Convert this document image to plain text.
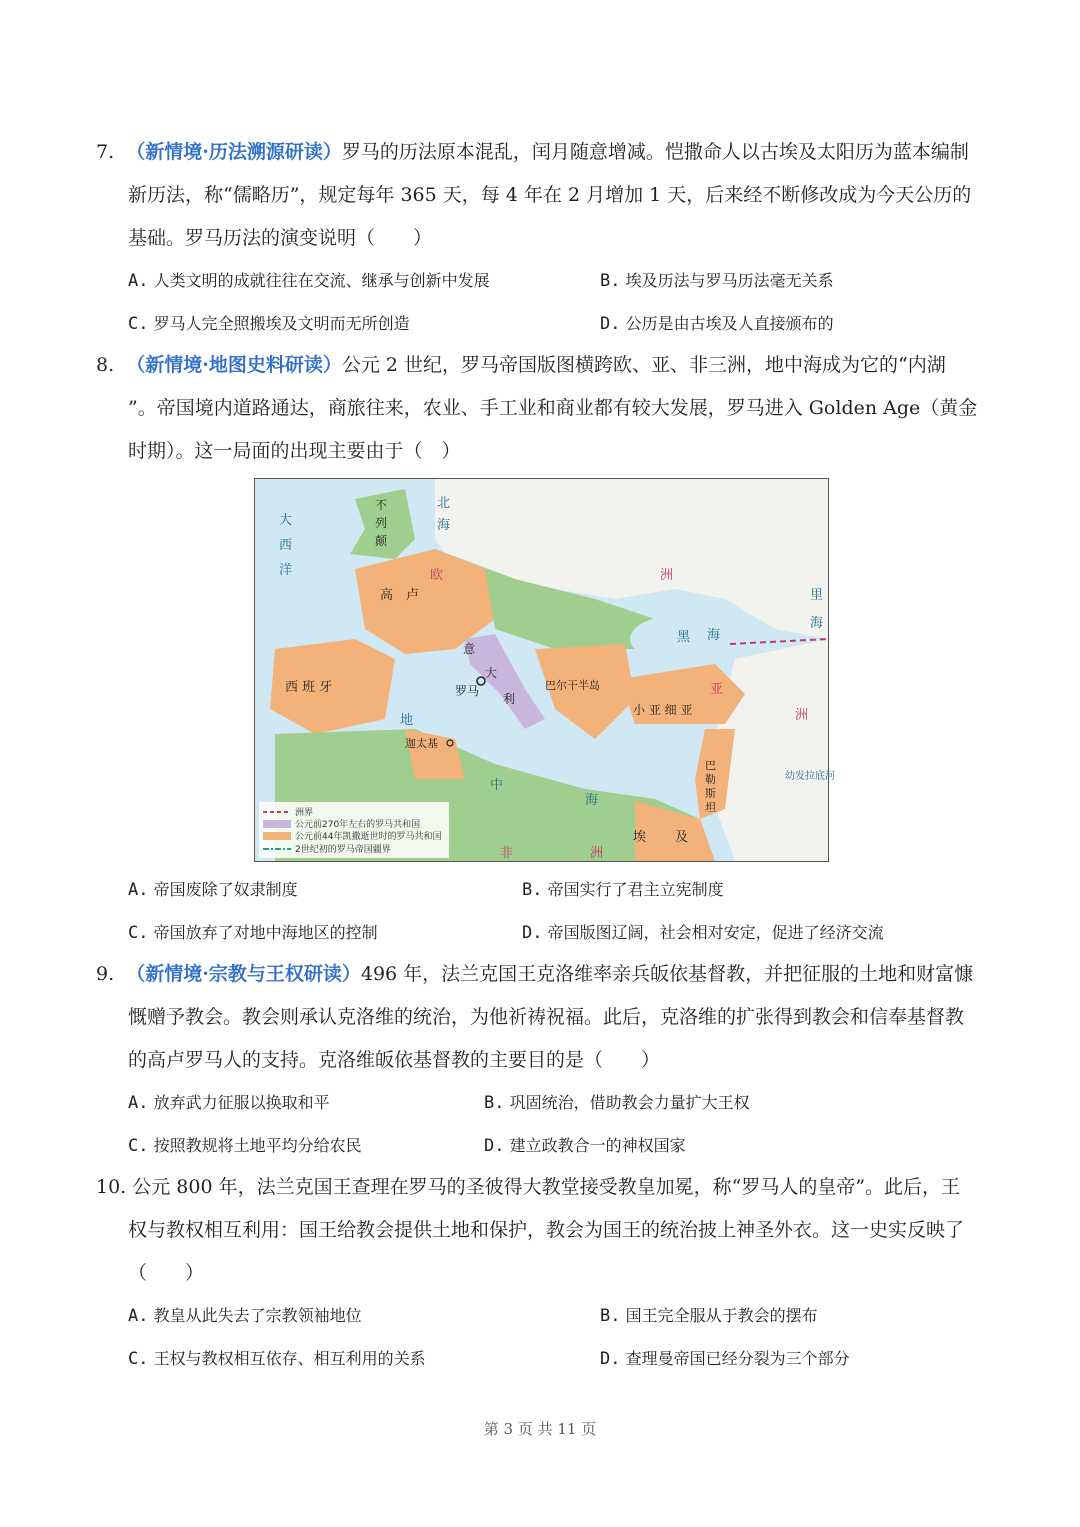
7. （新情境·历法溯源研读）罗马的历法原本混乱，闰月随意增减。恺撒命人以古埃及太阳历为蓝本编制
新历法，称“儒略历”，规定每年 365 天，每 4 年在 2 月增加 1 天，后来经不断修改成为今天公历的
基础。罗马历法的演变说明（　　）
A. 人类文明的成就往往在交流、继承与创新中发展	B. 埃及历法与罗马历法毫无关系
C. 罗马人完全照搬埃及文明而无所创造	D. 公历是由古埃及人直接颁布的
8. （新情境·地图史料研读）公元 2 世纪，罗马帝国版图横跨欧、亚、非三洲，地中海成为它的“内湖
”。帝国境内道路通达，商旅往来，农业、手工业和商业都有较大发展，罗马进入 Golden Age（黄金
时期）。这一局面的出现主要由于（　）
大
西
洋
北
海
黑 海
里
海
地
中
海
幼发拉底河
不
列
颠
高　卢
西 班 牙
意
大
利
罗马	巴尔干半岛
小 亚 细 亚
迦太基
巴
勒
斯
坦
埃 及
欧	洲
亚
洲
非	洲
洲界
公元前270年左右的罗马共和国
公元前44年凯撒逝世时的罗马共和国
2世纪初的罗马帝国疆界
A. 帝国废除了奴隶制度	B. 帝国实行了君主立宪制度
C. 帝国放弃了对地中海地区的控制	D. 帝国版图辽阔，社会相对安定，促进了经济交流
9. （新情境·宗教与王权研读）496 年，法兰克国王克洛维率亲兵皈依基督教，并把征服的土地和财富慷
慨赠予教会。教会则承认克洛维的统治，为他祈祷祝福。此后，克洛维的扩张得到教会和信奉基督教
的高卢罗马人的支持。克洛维皈依基督教的主要目的是（　　）
A. 放弃武力征服以换取和平	B. 巩固统治，借助教会力量扩大王权
C. 按照教规将土地平均分给农民	D. 建立政教合一的神权国家
10. 公元 800 年，法兰克国王查理在罗马的圣彼得大教堂接受教皇加冕，称“罗马人的皇帝”。此后，王
权与教权相互利用：国王给教会提供土地和保护，教会为国王的统治披上神圣外衣。这一史实反映了
（　　）
A. 教皇从此失去了宗教领袖地位	B. 国王完全服从于教会的摆布
C. 王权与教权相互依存、相互利用的关系	D. 查理曼帝国已经分裂为三个部分
第 3 页 共 11 页
